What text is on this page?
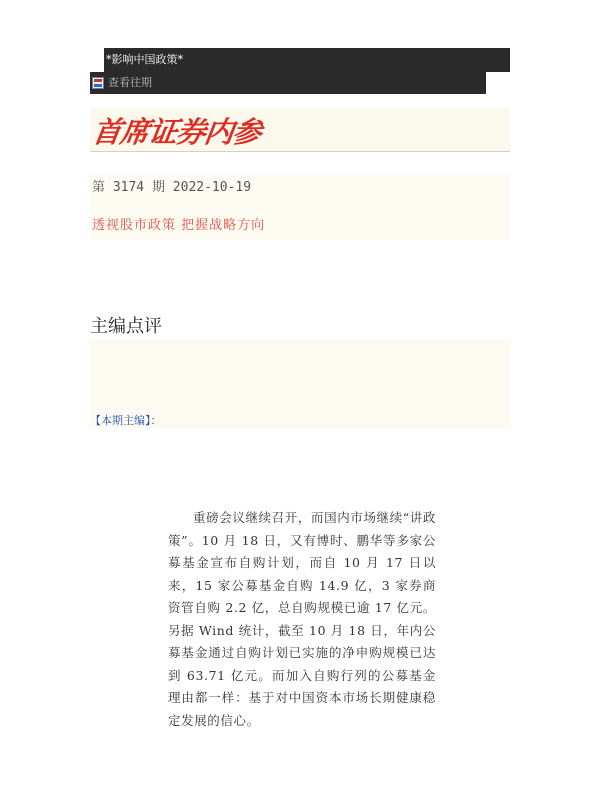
*影响中国政策*
查看往期
首席证券内参
第 3174 期 2022-10-19
透视股市政策 把握战略方向
主编点评
【本期主编】：
重磅会议继续召开，而国内市场继续“讲政策”。10 月 18 日，又有博时、鹏华等多家公募基金宣布自购计划，而自 10 月 17 日以来，15 家公募基金自购 14.9 亿，3 家券商资管自购 2.2 亿，总自购规模已逾 17 亿元。另据 Wind 统计，截至 10 月 18 日，年内公募基金通过自购计划已实施的净申购规模已达到 63.71 亿元。而加入自购行列的公募基金理由都一样：基于对中国资本市场长期健康稳定发展的信心。
